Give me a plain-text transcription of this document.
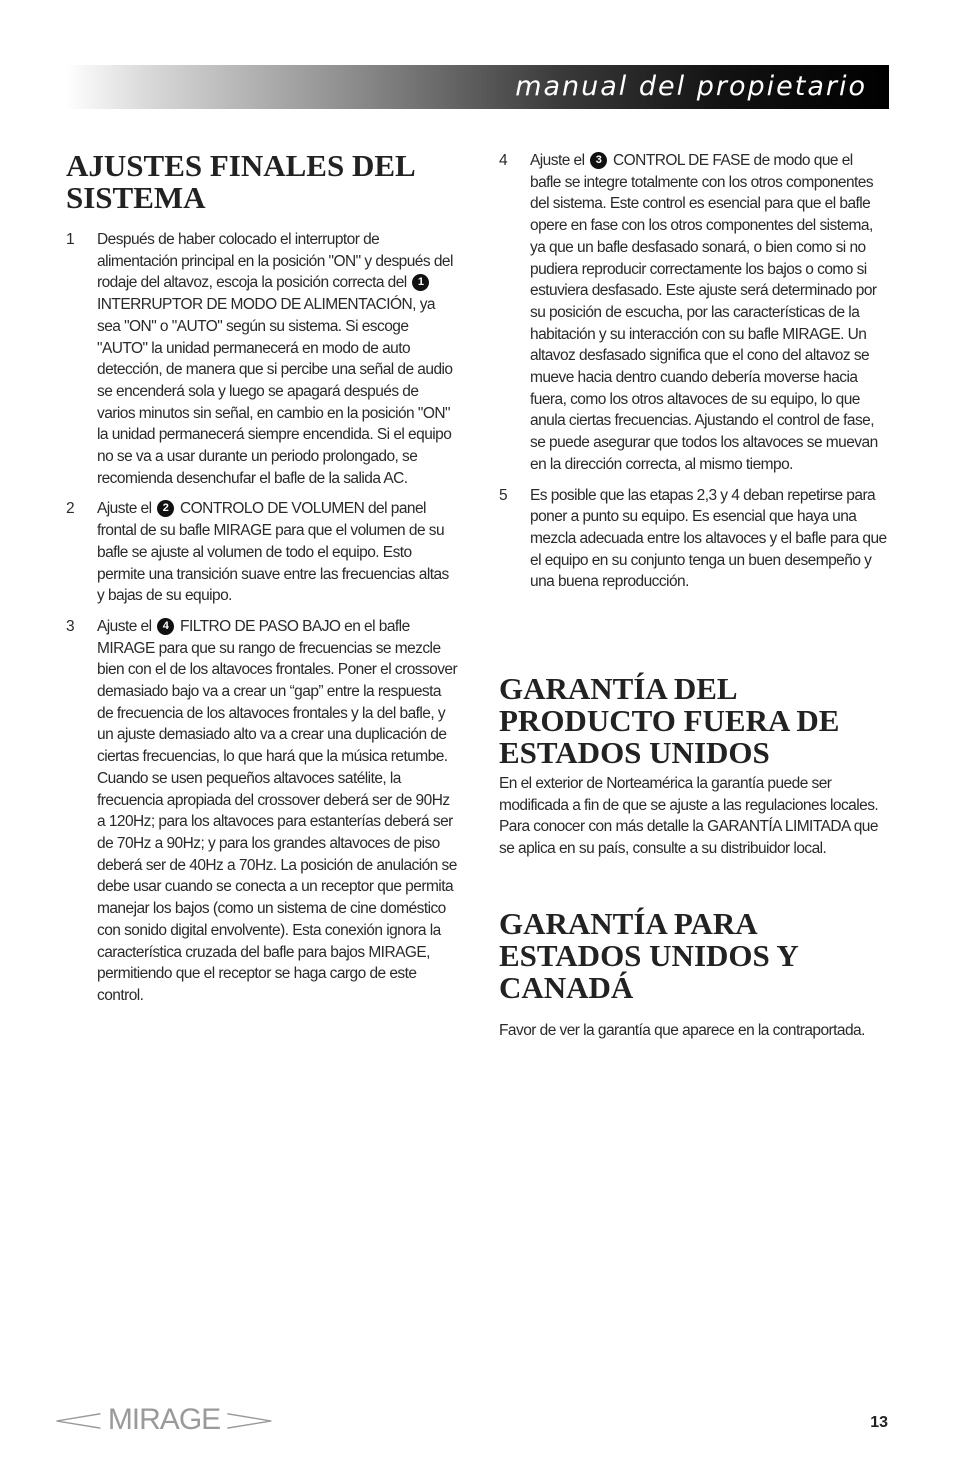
manual del propietario
AJUSTES FINALES DEL SISTEMA
1 Después de haber colocado el interruptor de alimentación principal en la posición "ON" y después del rodaje del altavoz, escoja la posición correcta del 1 INTERRUPTOR DE MODO DE ALIMENTACIÓN, ya sea "ON" o "AUTO" según su sistema. Si escoge "AUTO" la unidad permanecerá en modo de auto detección, de manera que si percibe una señal de audio se encenderá sola y luego se apagará después de varios minutos sin señal, en cambio en la posición "ON" la unidad permanecerá siempre encendida. Si el equipo no se va a usar durante un periodo prolongado, se recomienda desenchufar el bafle de la salida AC.
2 Ajuste el 2 CONTROLO DE VOLUMEN del panel frontal de su bafle MIRAGE para que el volumen de su bafle se ajuste al volumen de todo el equipo. Esto permite una transición suave entre las frecuencias altas y bajas de su equipo.
3 Ajuste el 4 FILTRO DE PASO BAJO en el bafle MIRAGE para que su rango de frecuencias se mezcle bien con el de los altavoces frontales. Poner el crossover demasiado bajo va a crear un “gap” entre la respuesta de frecuencia de los altavoces frontales y la del bafle, y un ajuste demasiado alto va a crear una duplicación de ciertas frecuencias, lo que hará que la música retumbe. Cuando se usen pequeños altavoces satélite, la frecuencia apropiada del crossover deberá ser de 90Hz a 120Hz; para los altavoces para estanterías deberá ser de 70Hz a 90Hz; y para los grandes altavoces de piso deberá ser de 40Hz a 70Hz. La posición de anulación se debe usar cuando se conecta a un receptor que permita manejar los bajos (como un sistema de cine doméstico con sonido digital envolvente). Esta conexión ignora la característica cruzada del bafle para bajos MIRAGE, permitiendo que el receptor se haga cargo de este control.
4 Ajuste el 3 CONTROL DE FASE de modo que el bafle se integre totalmente con los otros componentes del sistema. Este control es esencial para que el bafle opere en fase con los otros componentes del sistema, ya que un bafle desfasado sonará, o bien como si no pudiera reproducir correctamente los bajos o como si estuviera desfasado. Este ajuste será determinado por su posición de escucha, por las características de la habitación y su interacción con su bafle MIRAGE. Un altavoz desfasado significa que el cono del altavoz se mueve hacia dentro cuando debería moverse hacia fuera, como los otros altavoces de su equipo, lo que anula ciertas frecuencias. Ajustando el control de fase, se puede asegurar que todos los altavoces se muevan en la dirección correcta, al mismo tiempo.
5 Es posible que las etapas 2,3 y 4 deban repetirse para poner a punto su equipo. Es esencial que haya una mezcla adecuada entre los altavoces y el bafle para que el equipo en su conjunto tenga un buen desempeño y una buena reproducción.
GARANTÍA DEL PRODUCTO FUERA DE ESTADOS UNIDOS

En el exterior de Norteamérica la garantía puede ser modificada a fin de que se ajuste a las regulaciones locales. Para conocer con más detalle la GARANTÍA LIMITADA que se aplica en su país, consulte a su distribuidor local.

GARANTÍA PARA ESTADOS UNIDOS Y CANADÁ

Favor de ver la garantía que aparece en la contraportada.

< MIRAGE >	13
